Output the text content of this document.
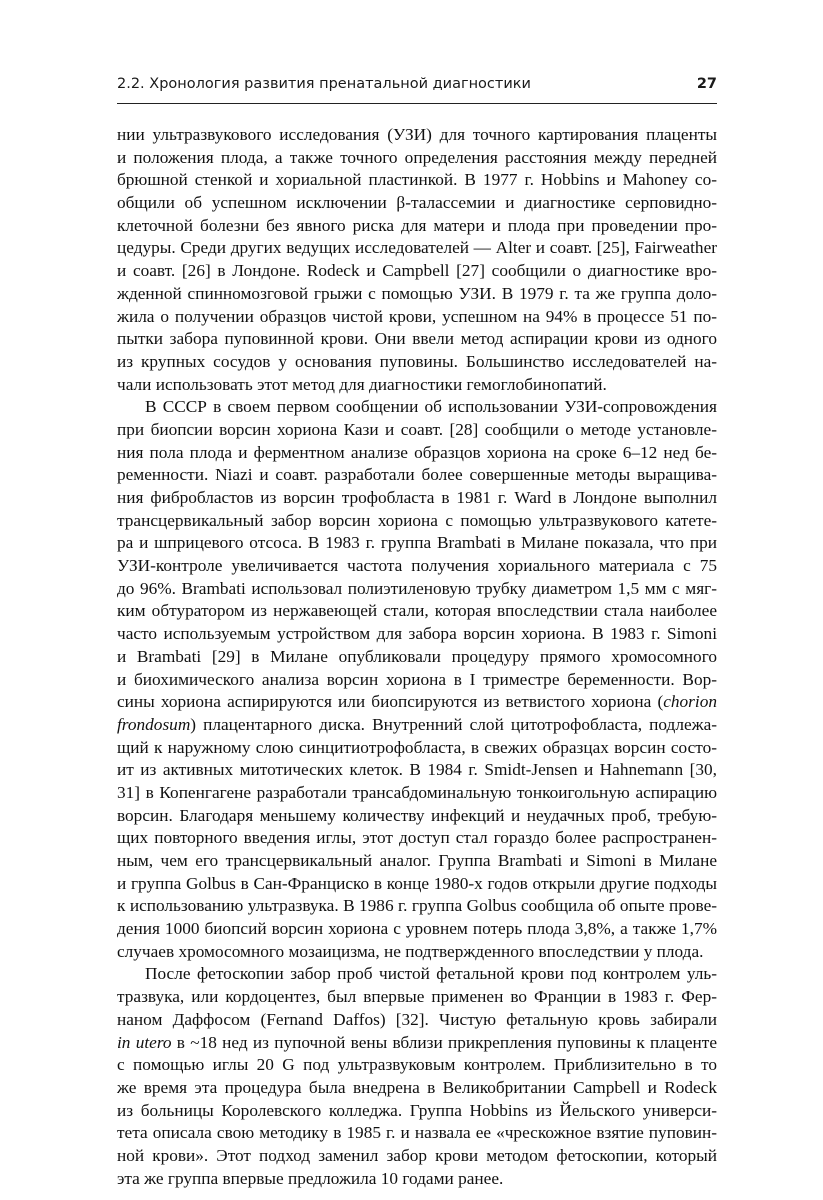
2.2. Хронология развития пренатальной диагностики	27
нии ультразвукового исследования (УЗИ) для точного картирования плаценты
и положения плода, а также точного определения расстояния между передней
брюшной стенкой и хориальной пластинкой. В 1977 г. Hobbins и Mahoney со-
общили об успешном исключении β-талассемии и диагностике серповидно-
клеточной болезни без явного риска для матери и плода при проведении про-
цедуры. Среди других ведущих исследователей — Alter и соавт. [25], Fairweather
и соавт. [26] в Лондоне. Rodeck и Campbell [27] сообщили о диагностике вро-
жденной спинномозговой грыжи с помощью УЗИ. В 1979 г. та же группа доло-
жила о получении образцов чистой крови, успешном на 94% в процессе 51 по-
пытки забора пуповинной крови. Они ввели метод аспирации крови из одного
из крупных сосудов у основания пуповины. Большинство исследователей на-
чали использовать этот метод для диагностики гемоглобинопатий.
В СССР в своем первом сообщении об использовании УЗИ-сопровождения
при биопсии ворсин хориона Кази и соавт. [28] сообщили о методе установле-
ния пола плода и ферментном анализе образцов хориона на сроке 6–12 нед бе-
ременности. Niazi и соавт. разработали более совершенные методы выращива-
ния фибробластов из ворсин трофобласта в 1981 г. Ward в Лондоне выполнил
трансцервикальный забор ворсин хориона с помощью ультразвукового катете-
ра и шприцевого отсоса. В 1983 г. группа Brambati в Милане показала, что при
УЗИ-контроле увеличивается частота получения хориального материала с 75
до 96%. Brambati использовал полиэтиленовую трубку диаметром 1,5 мм с мяг-
ким обтуратором из нержавеющей стали, которая впоследствии стала наиболее
часто используемым устройством для забора ворсин хориона. В 1983 г. Simoni
и Brambati [29] в Милане опубликовали процедуру прямого хромосомного
и биохимического анализа ворсин хориона в I триместре беременности. Вор-
сины хориона аспирируются или биопсируются из ветвистого хориона (chorion
frondosum) плацентарного диска. Внутренний слой цитотрофобласта, подлежа-
щий к наружному слою синцитиотрофобласта, в свежих образцах ворсин состо-
ит из активных митотических клеток. В 1984 г. Smidt-Jensen и Hahnemann [30,
31] в Копенгагене разработали трансабдоминальную тонкоигольную аспирацию
ворсин. Благодаря меньшему количеству инфекций и неудачных проб, требую-
щих повторного введения иглы, этот доступ стал гораздо более распространен-
ным, чем его трансцервикальный аналог. Группа Brambati и Simoni в Милане
и группа Golbus в Сан-Франциско в конце 1980-х годов открыли другие подходы
к использованию ультразвука. В 1986 г. группа Golbus сообщила об опыте прове-
дения 1000 биопсий ворсин хориона с уровнем потерь плода 3,8%, а также 1,7%
случаев хромосомного мозаицизма, не подтвержденного впоследствии у плода.
После фетоскопии забор проб чистой фетальной крови под контролем уль-
тразвука, или кордоцентез, был впервые применен во Франции в 1983 г. Фер-
наном Даффосом (Fernand Daffos) [32]. Чистую фетальную кровь забирали
in utero в ~18 нед из пупочной вены вблизи прикрепления пуповины к плаценте
с помощью иглы 20 G под ультразвуковым контролем. Приблизительно в то
же время эта процедура была внедрена в Великобритании Campbell и Rodeck
из больницы Королевского колледжа. Группа Hobbins из Йельского универси-
тета описала свою методику в 1985 г. и назвала ее «чрескожное взятие пуповин-
ной крови». Этот подход заменил забор крови методом фетоскопии, который
эта же группа впервые предложила 10 годами ранее.
